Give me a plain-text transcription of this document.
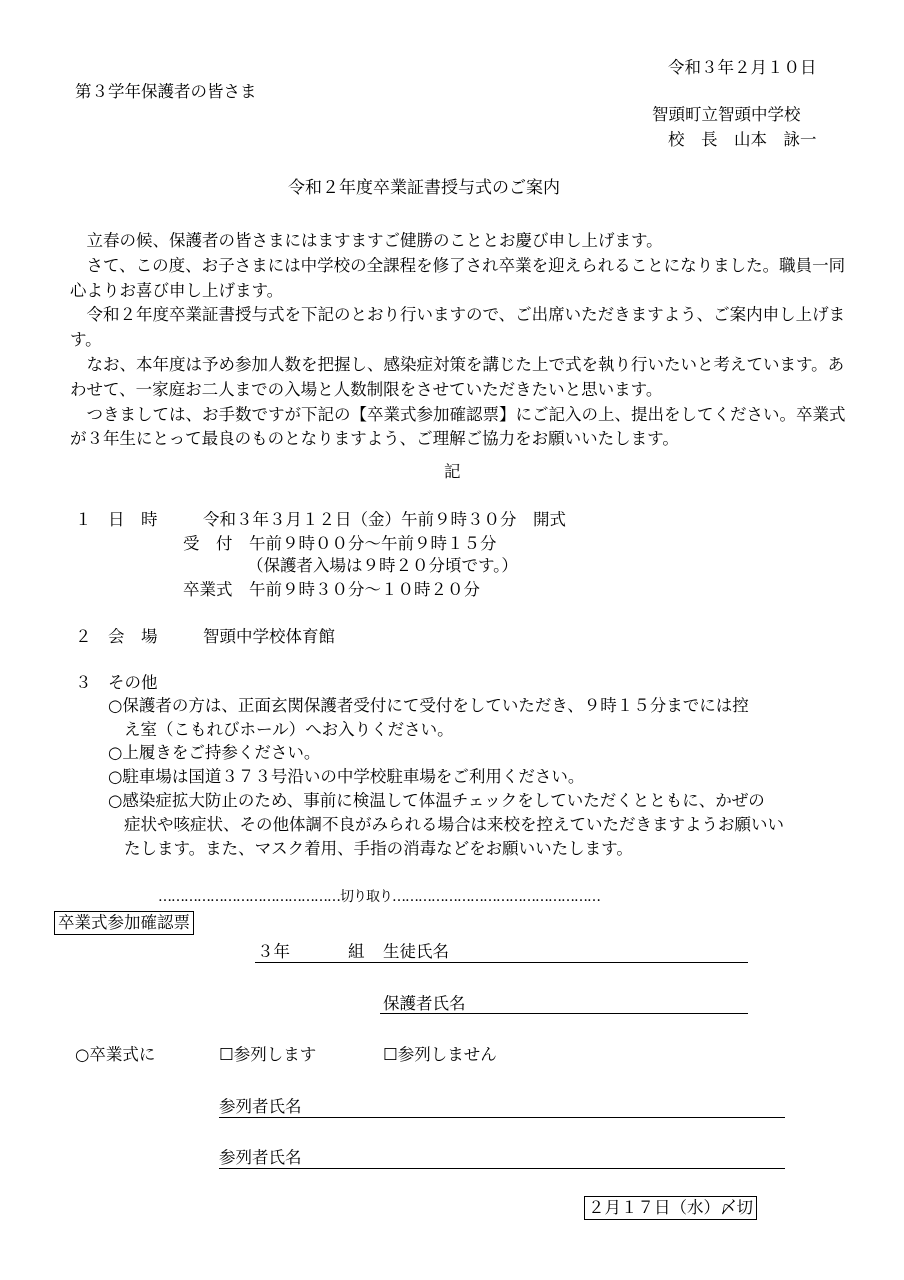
令和３年２月１０日
第３学年保護者の皆さま
智頭町立智頭中学校
校　長　山本　詠一
令和２年度卒業証書授与式のご案内

立春の候、保護者の皆さまにはますますご健勝のこととお慶び申し上げます。

さて、この度、お子さまには中学校の全課程を修了され卒業を迎えられることになりました。職員一同心よりお喜び申し上げます。

令和２年度卒業証書授与式を下記のとおり行いますので、ご出席いただきますよう、ご案内申し上げます。

なお、本年度は予め参加人数を把握し、感染症対策を講じた上で式を執り行いたいと考えています。あわせて、一家庭お二人までの入場と人数制限をさせていただきたいと思います。

つきましては、お手数ですが下記の【卒業式参加確認票】にご記入の上、提出をしてください。卒業式が３年生にとって最良のものとなりますよう、ご理解ご協力をお願いいたします。

記
１　日　時	令和３年３月１２日（金）午前９時３０分　開式
受　付　午前９時００分～午前９時１５分
（保護者入場は９時２０分頃です。）
卒業式　午前９時３０分～１０時２０分
２　会　場	智頭中学校体育館
３　その他
○保護者の方は、正面玄関保護者受付にて受付をしていただき、９時１５分までには控
え室（こもれびホール）へお入りください。
○上履きをご持参ください。
○駐車場は国道３７３号沿いの中学校駐車場をご利用ください。
○感染症拡大防止のため、事前に検温して体温チェックをしていただくとともに、かぜの
症状や咳症状、その他体調不良がみられる場合は来校を控えていただきますようお願いい
たします。また、マスク着用、手指の消毒などをお願いいたします。
……………………………………切り取り…………………………………………
卒業式参加確認票
３年	組 生徒氏名
保護者氏名
○卒業式に	☐参列します	☐参列しません
参列者氏名
参列者氏名
２月１７日（水）〆切
